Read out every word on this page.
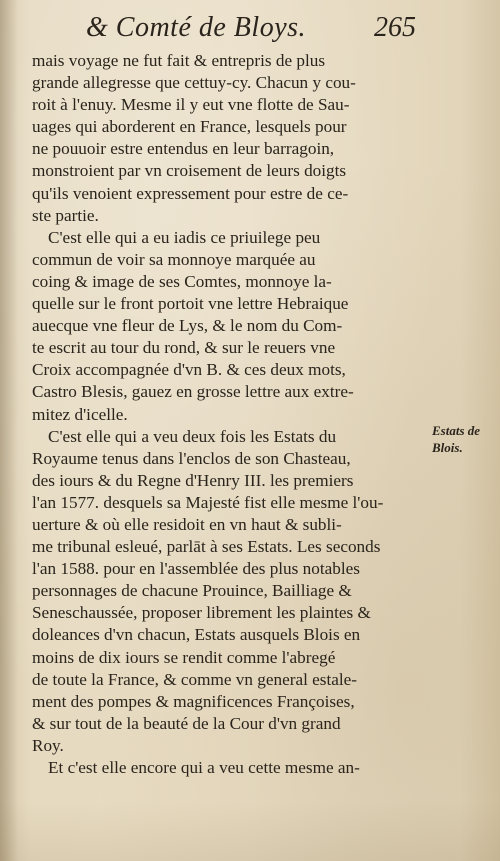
& Comté de Bloys. 265
mais voyage ne fut fait & entrepris de plus
grande allegresse que cettuy-cy. Chacun y cou-
roit à l'enuy. Mesme il y eut vne flotte de Sau-
uages qui aborderent en France, lesquels pour
ne pouuoir estre entendus en leur barragoin,
monstroient par vn croisement de leurs doigts
qu'ils venoient expressement pour estre de ce-
ste partie.
C'est elle qui a eu iadis ce priuilege peu
commun de voir sa monnoye marquée au
coing & image de ses Comtes, monnoye la-
quelle sur le front portoit vne lettre Hebraique
auecque vne fleur de Lys, & le nom du Com-
te escrit au tour du rond, & sur le reuers vne
Croix accompagnée d'vn B. & ces deux mots,
Castro Blesis, gauez en grosse lettre aux extre-
mitez d'icelle.
C'est elle qui a veu deux fois les Estats du
Royaume tenus dans l'enclos de son Chasteau,
des iours & du Regne d'Henry III. les premiers
l'an 1577. desquels sa Majesté fist elle mesme l'ou-
uerture & où elle residoit en vn haut & subli-
me tribunal esleué, parlāt à ses Estats. Les seconds
l'an 1588. pour en l'assemblée des plus notables
personnages de chacune Prouince, Bailliage &
Seneschaussée, proposer librement les plaintes &
doleances d'vn chacun, Estats ausquels Blois en
moins de dix iours se rendit comme l'abregé
de toute la France, & comme vn general estale-
ment des pompes & magnificences Françoises,
& sur tout de la beauté de la Cour d'vn grand
Roy.
Et c'est elle encore qui a veu cette mesme an-
Estats de
Blois.
